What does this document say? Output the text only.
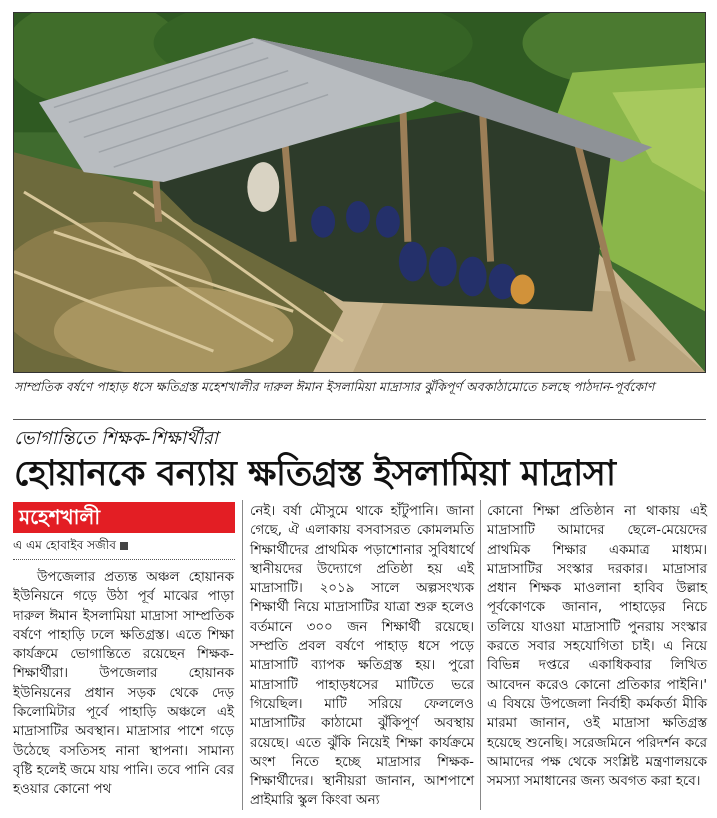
সাম্প্রতিক বর্ষণে পাহাড় ধসে ক্ষতিগ্রস্ত মহেশখালীর দারুল ঈমান ইসলামিয়া মাদ্রাসার ঝুঁকিপূর্ণ অবকাঠামোতে চলছে পাঠদান-পূর্বকোণ

ভোগান্তিতে শিক্ষক-শিক্ষার্থীরা

হোয়ানকে বন্যায় ক্ষতিগ্রস্ত ইসলামিয়া মাদ্রাসা
মহেশখালী

এ এম হোবাইব সজীব

উপজেলার প্রত্যন্ত অঞ্চল হোয়ানক ইউনিয়নে গড়ে উঠা পূর্ব মাঝের পাড়া দারুল ঈমান ইসলামিয়া মাদ্রাসা সাম্প্রতিক বর্ষণে পাহাড়ি ঢলে ক্ষতিগ্রস্ত। এতে শিক্ষা কার্যক্রমে ভোগান্তিতে রয়েছেন শিক্ষক-শিক্ষার্থীরা। উপজেলার হোয়ানক ইউনিয়নের প্রধান সড়ক থেকে দেড় কিলোমিটার পূর্বে পাহাড়ি অঞ্চলে এই মাদ্রাসাটির অবস্থান। মাদ্রাসার পাশে গড়ে উঠেছে বসতিসহ নানা স্থাপনা। সামান্য বৃষ্টি হলেই জমে যায় পানি। তবে পানি বের হওয়ার কোনো পথ

নেই। বর্ষা মৌসুমে থাকে হাঁটুপানি। জানা গেছে, ঐ এলাকায় বসবাসরত কোমলমতি শিক্ষার্থীদের প্রাথমিক পড়াশোনার সুবিধার্থে স্থানীয়দের উদ্যোগে প্রতিষ্ঠা হয় এই মাদ্রাসাটি। ২০১৯ সালে অল্পসংখ্যক শিক্ষার্থী নিয়ে মাদ্রাসাটির যাত্রা শুরু হলেও বর্তমানে ৩০০ জন শিক্ষার্থী রয়েছে। সম্প্রতি প্রবল বর্ষণে পাহাড় ধসে পড়ে মাদ্রাসাটি ব্যাপক ক্ষতিগ্রস্ত হয়। পুরো মাদ্রাসাটি পাহাড়ধসের মাটিতে ভরে গিয়েছিল। মাটি সরিয়ে ফেললেও মাদ্রাসাটির কাঠামো ঝুঁকিপূর্ণ অবস্থায় রয়েছে। এতে ঝুঁকি নিয়েই শিক্ষা কার্যক্রমে অংশ নিতে হচ্ছে মাদ্রাসার শিক্ষক-শিক্ষার্থীদের। স্থানীয়রা জানান, আশপাশে প্রাইমারি স্কুল কিংবা অন্য

কোনো শিক্ষা প্রতিষ্ঠান না থাকায় এই মাদ্রাসাটি আমাদের ছেলে-মেয়েদের প্রাথমিক শিক্ষার একমাত্র মাধ্যম। মাদ্রাসাটির সংস্কার দরকার। মাদ্রাসার প্রধান শিক্ষক মাওলানা হাবিব উল্লাহ পূর্বকোণকে জানান, পাহাড়ের নিচে তলিয়ে যাওয়া মাদ্রাসাটি পুনরায় সংস্কার করতে সবার সহযোগিতা চাই। এ নিয়ে বিভিন্ন দপ্তরে একাধিকবার লিখিত আবেদন করেও কোনো প্রতিকার পাইনি।' এ বিষয়ে উপজেলা নির্বাহী কর্মকর্তা মীকি মারমা জানান, ওই মাদ্রাসা ক্ষতিগ্রস্ত হয়েছে শুনেছি। সরেজমিনে পরিদর্শন করে আমাদের পক্ষ থেকে সংশ্লিষ্ট মন্ত্রণালয়কে সমস্যা সমাধানের জন্য অবগত করা হবে।
